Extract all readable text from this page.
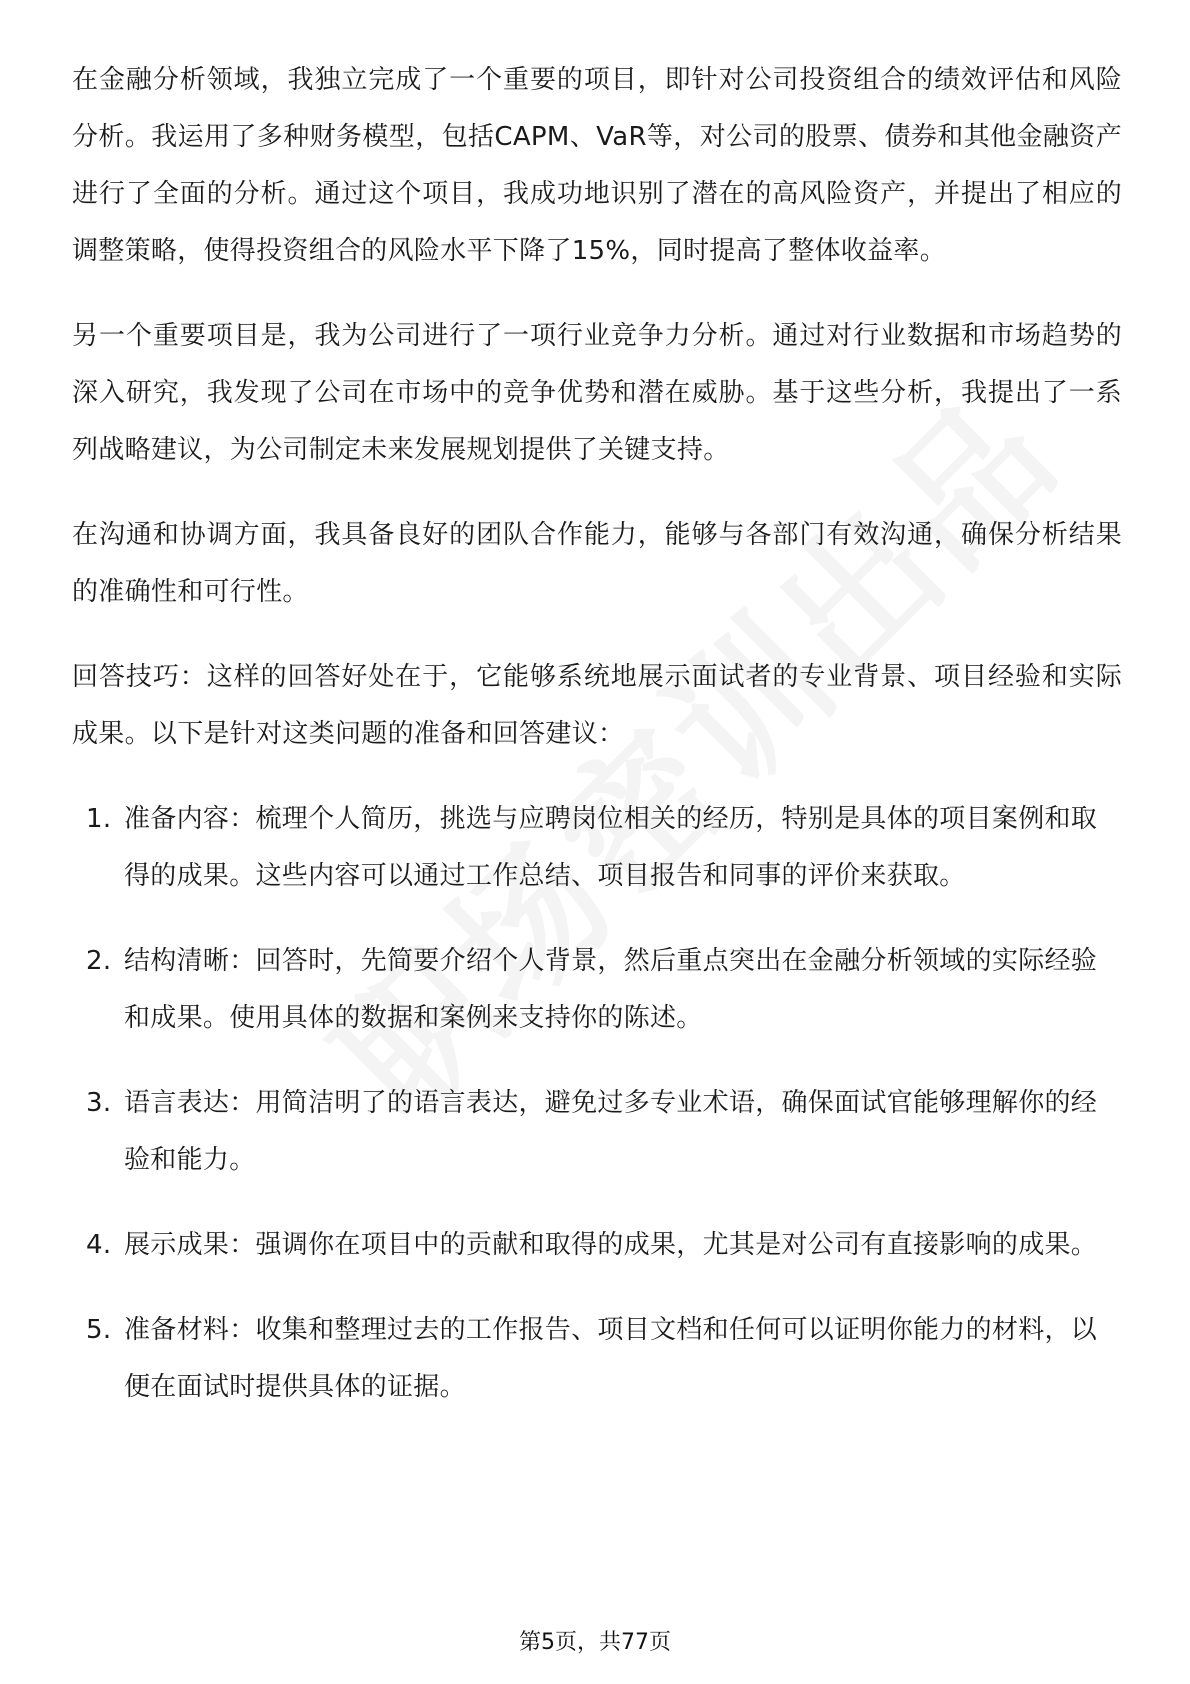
在金融分析领域，我独立完成了一个重要的项目，即针对公司投资组合的绩效评估和风险分析。我运用了多种财务模型，包括CAPM、VaR等，对公司的股票、债券和其他金融资产进行了全面的分析。通过这个项目，我成功地识别了潜在的高风险资产，并提出了相应的调整策略，使得投资组合的风险水平下降了15%，同时提高了整体收益率。

另一个重要项目是，我为公司进行了一项行业竞争力分析。通过对行业数据和市场趋势的深入研究，我发现了公司在市场中的竞争优势和潜在威胁。基于这些分析，我提出了一系列战略建议，为公司制定未来发展规划提供了关键支持。

在沟通和协调方面，我具备良好的团队合作能力，能够与各部门有效沟通，确保分析结果的准确性和可行性。

回答技巧：这样的回答好处在于，它能够系统地展示面试者的专业背景、项目经验和实际成果。以下是针对这类问题的准备和回答建议：

1. 准备内容：梳理个人简历，挑选与应聘岗位相关的经历，特别是具体的项目案例和取得的成果。这些内容可以通过工作总结、项目报告和同事的评价来获取。
2. 结构清晰：回答时，先简要介绍个人背景，然后重点突出在金融分析领域的实际经验和成果。使用具体的数据和案例来支持你的陈述。
3. 语言表达：用简洁明了的语言表达，避免过多专业术语，确保面试官能够理解你的经验和能力。
4. 展示成果：强调你在项目中的贡献和取得的成果，尤其是对公司有直接影响的成果。
5. 准备材料：收集和整理过去的工作报告、项目文档和任何可以证明你能力的材料，以便在面试时提供具体的证据。
第5页，共77页
